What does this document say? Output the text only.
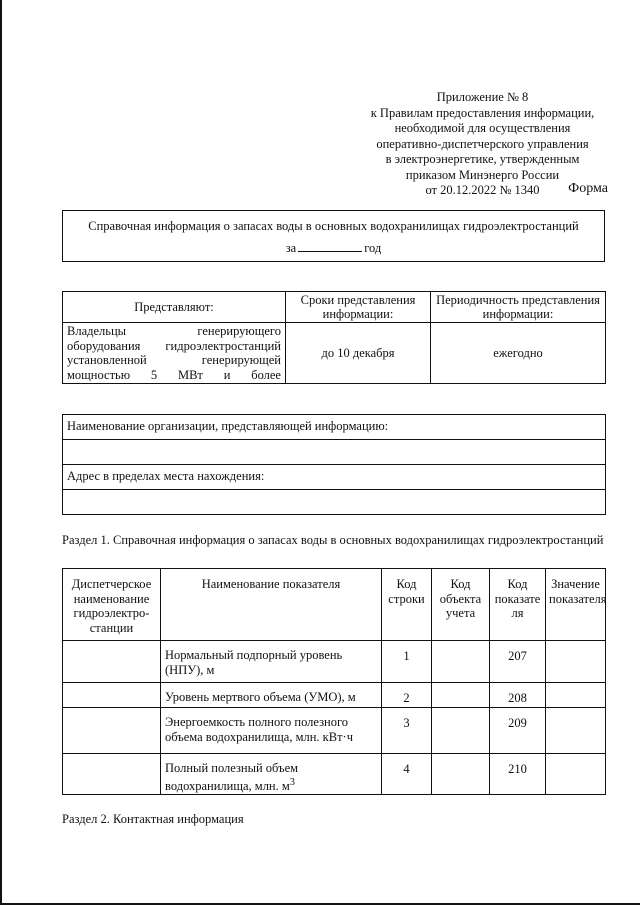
Приложение № 8
к Правилам предоставления информации,
необходимой для осуществления
оперативно-диспетчерского управления
в электроэнергетике, утвержденным
приказом Минэнерго России
от 20.12.2022 № 1340	Форма
Справочная информация о запасах воды в основных водохранилищах гидроэлектростанций
за	год
Представляют:	Сроки представления информации:	Периодичность представления информации:
Владельцы генерирующего оборудования гидроэлектростанций установленной генерирующей мощностью 5 МВт и более	до 10 декабря	ежегодно
Наименование организации, представляющей информацию:

Адрес в пределах места нахождения:

Раздел 1. Справочная информация о запасах воды в основных водохранилищах гидроэлектростанций
Диспетчерское наименование гидроэлектро-станции	Наименование показателя	Код строки	Код объекта учета	Код показате ля	Значение показателя
	Нормальный подпорный уровень (НПУ), м	1		207	
	Уровень мертвого объема (УМО), м	2		208	
	Энергоемкость полного полезного объема водохранилища, млн. кВт·ч	3		209	
	Полный полезный объем водохранилища, млн. $м^3$	4		210	
Раздел 2. Контактная информация
